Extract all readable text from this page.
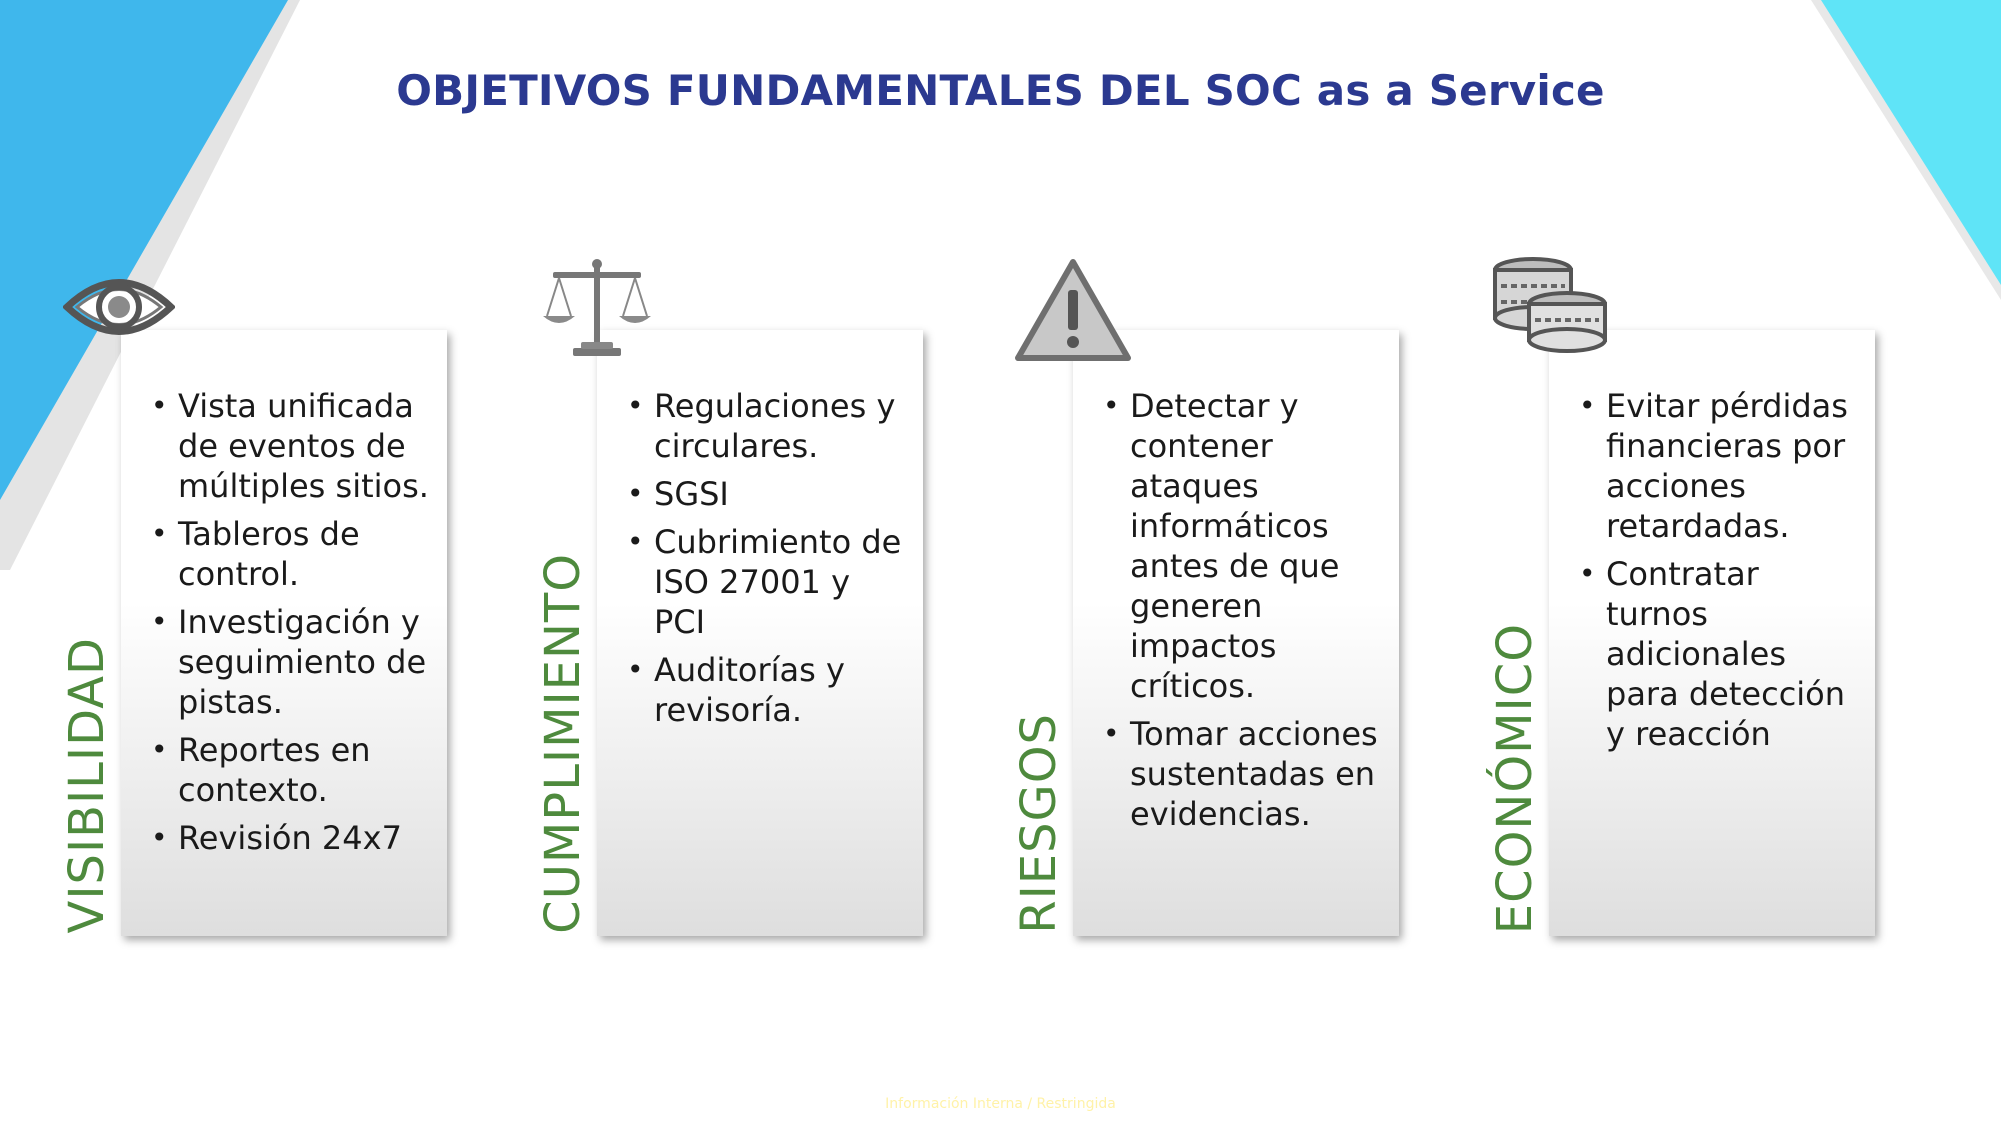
OBJETIVOS FUNDAMENTALES DEL SOC as a Service
• Vista unificada de eventos de múltiples sitios.
• Tableros de control.
• Investigación y seguimiento de pistas.
• Reportes en contexto.
• Revisión 24x7
VISIBILIDAD
• Regulaciones y circulares.
• SGSI
• Cubrimiento de ISO 27001 y PCI
• Auditorías y revisoría.
CUMPLIMIENTO
• Detectar y contener ataques informáticos antes de que generen impactos críticos.
• Tomar acciones sustentadas en evidencias.
RIESGOS
• Evitar pérdidas financieras por acciones retardadas.
• Contratar turnos adicionales para detección y reacción
ECONÓMICO
Información Interna / Restringida
